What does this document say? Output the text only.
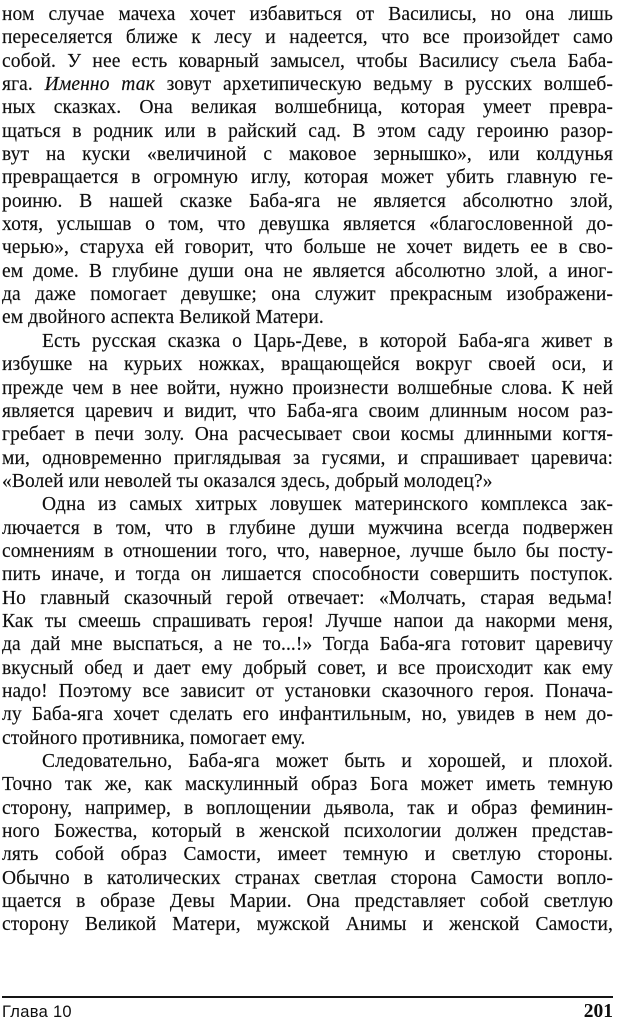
ном случае мачеха хочет избавиться от Василисы, но она лишь
переселяется ближе к лесу и надеется, что все произойдет само
собой. У нее есть коварный замысел, чтобы Василису съела Баба-
яга. Именно так зовут архетипическую ведьму в русских волшеб-
ных сказках. Она великая волшебница, которая умеет превра-
щаться в родник или в райский сад. В этом саду героиню разор-
вут на куски «величиной с маковое зернышко», или колдунья
превращается в огромную иглу, которая может убить главную ге-
роиню. В нашей сказке Баба-яга не является абсолютно злой,
хотя, услышав о том, что девушка является «благословенной до-
черью», старуха ей говорит, что больше не хочет видеть ее в сво-
ем доме. В глубине души она не является абсолютно злой, а иног-
да даже помогает девушке; она служит прекрасным изображени-
ем двойного аспекта Великой Матери.
Есть русская сказка о Царь-Деве, в которой Баба-яга живет в
избушке на курьих ножках, вращающейся вокруг своей оси, и
прежде чем в нее войти, нужно произнести волшебные слова. К ней
является царевич и видит, что Баба-яга своим длинным носом раз-
гребает в печи золу. Она расчесывает свои космы длинными когтя-
ми, одновременно приглядывая за гусями, и спрашивает царевича:
«Волей или неволей ты оказался здесь, добрый молодец?»
Одна из самых хитрых ловушек материнского комплекса зак-
лючается в том, что в глубине души мужчина всегда подвержен
сомнениям в отношении того, что, наверное, лучше было бы посту-
пить иначе, и тогда он лишается способности совершить поступок.
Но главный сказочный герой отвечает: «Молчать, старая ведьма!
Как ты смеешь спрашивать героя! Лучше напои да накорми меня,
да дай мне выспаться, а не то...!» Тогда Баба-яга готовит царевичу
вкусный обед и дает ему добрый совет, и все происходит как ему
надо! Поэтому все зависит от установки сказочного героя. Понача-
лу Баба-яга хочет сделать его инфантильным, но, увидев в нем до-
стойного противника, помогает ему.
Следовательно, Баба-яга может быть и хорошей, и плохой.
Точно так же, как маскулинный образ Бога может иметь темную
сторону, например, в воплощении дьявола, так и образ феминин-
ного Божества, который в женской психологии должен представ-
лять собой образ Самости, имеет темную и светлую стороны.
Обычно в католических странах светлая сторона Самости вопло-
щается в образе Девы Марии. Она представляет собой светлую
сторону Великой Матери, мужской Анимы и женской Самости,
Глава 10	201
